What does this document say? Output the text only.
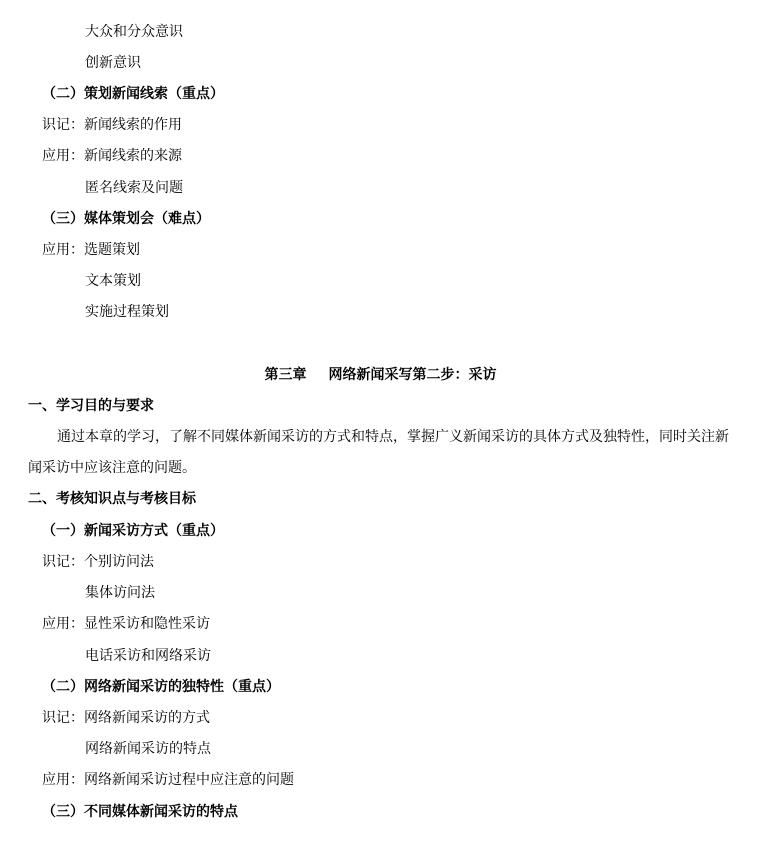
大众和分众意识
创新意识
（二）策划新闻线索（重点）
识记：新闻线索的作用
应用：新闻线索的来源
匿名线索及问题
（三）媒体策划会（难点）
应用：选题策划
文本策划
实施过程策划
第三章 网络新闻采写第二步：采访
一、学习目的与要求
通过本章的学习，了解不同媒体新闻采访的方式和特点，掌握广义新闻采访的具体方式及独特性，同时关注新
闻采访中应该注意的问题。
二、考核知识点与考核目标
（一）新闻采访方式（重点）
识记：个别访问法
集体访问法
应用：显性采访和隐性采访
电话采访和网络采访
（二）网络新闻采访的独特性（重点）
识记：网络新闻采访的方式
网络新闻采访的特点
应用：网络新闻采访过程中应注意的问题
（三）不同媒体新闻采访的特点
